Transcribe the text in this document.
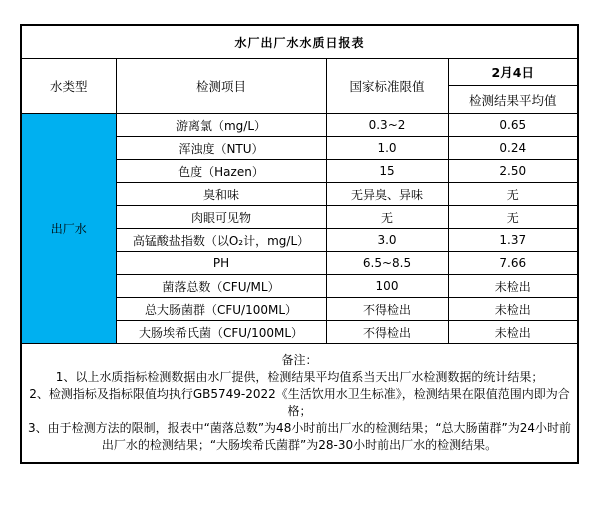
水厂出厂水水质日报表			
水类型	检测项目	国家标准限值	2月4日
			检测结果平均值
出厂水	游离氯（mg/L）	0.3~2	0.65
	浑浊度（NTU）	1.0	0.24
	色度（Hazen）	15	2.50
	臭和味	无异臭、异味	无
	肉眼可见物	无	无
	高锰酸盐指数（以O₂计，mg/L）	3.0	1.37
	PH	6.5~8.5	7.66
	菌落总数（CFU/ML）	100	未检出
	总大肠菌群（CFU/100ML）	不得检出	未检出
	大肠埃希氏菌（CFU/100ML）	不得检出	未检出

备注：

1、以上水质指标检测数据由水厂提供，检测结果平均值系当天出厂水检测数据的统计结果；

2、检测指标及指标限值均执行GB5749-2022《生活饮用水卫生标准》，检测结果在限值范围内即为合格；

3、由于检测方法的限制，报表中“菌落总数”为48小时前出厂水的检测结果；“总大肠菌群”为24小时前出厂水的检测结果；“大肠埃希氏菌群”为28-30小时前出厂水的检测结果。			
